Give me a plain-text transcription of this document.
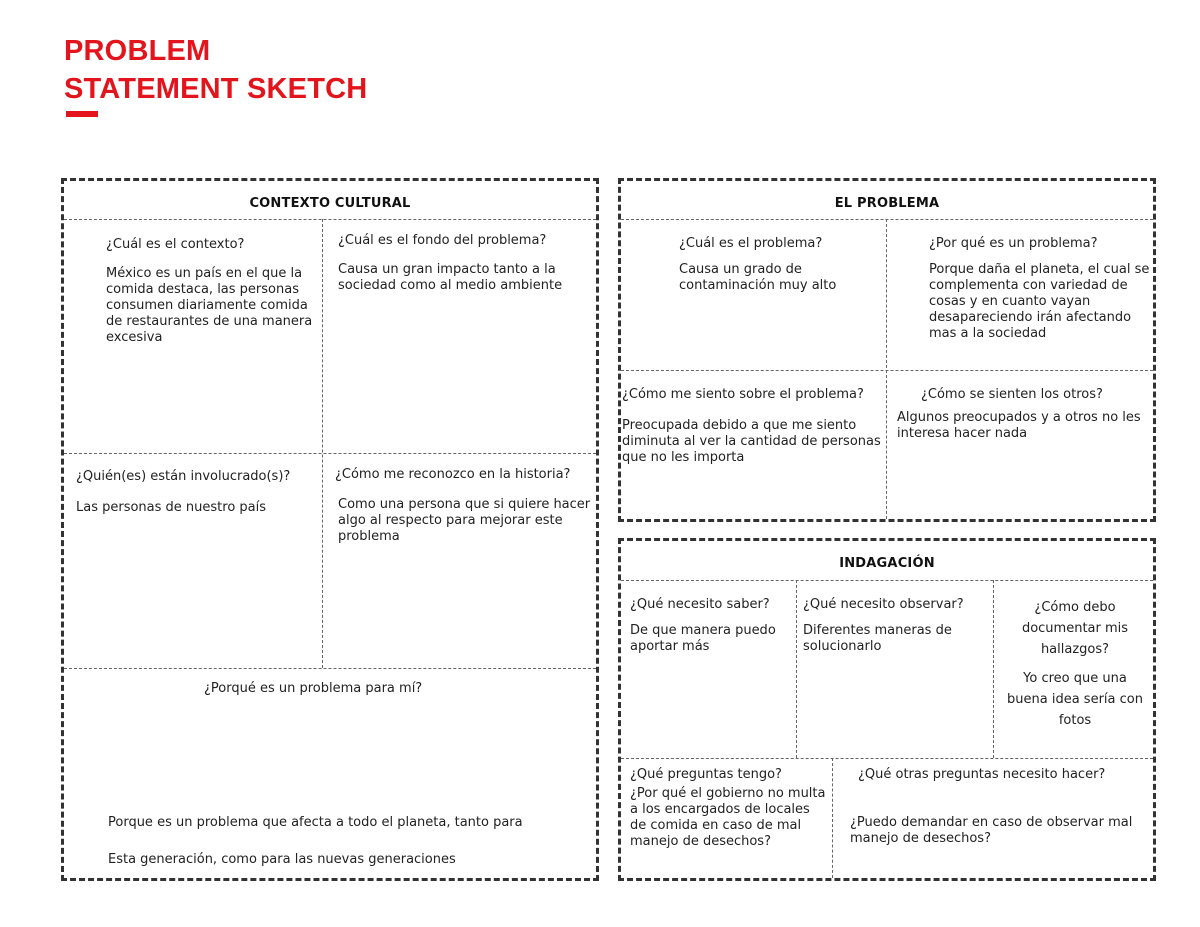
PROBLEM
STATEMENT SKETCH
CONTEXTO CULTURAL
¿Cuál es el contexto?
México es un país en el que la comida destaca, las personas consumen diariamente comida de restaurantes de una manera excesiva
¿Cuál es el fondo del problema?
Causa un gran impacto tanto a la sociedad como al medio ambiente
¿Quién(es) están involucrado(s)?
Las personas de nuestro país
¿Cómo me reconozco en la historia?
Como una persona que si quiere hacer algo al respecto para mejorar este problema
¿Porqué es un problema para mí?
Porque es un problema que afecta a todo el planeta, tanto para
Esta generación, como para las nuevas generaciones
EL PROBLEMA
¿Cuál es el problema?
Causa un grado de contaminación muy alto
¿Por qué es un problema?
Porque daña el planeta, el cual se complementa con variedad de cosas y en cuanto vayan desapareciendo irán afectando mas a la sociedad
¿Cómo me siento sobre el problema?
Preocupada debido a que me siento diminuta al ver la cantidad de personas que no les importa
¿Cómo se sienten los otros?
Algunos preocupados y a otros no les interesa hacer nada
INDAGACIÓN
¿Qué necesito saber?
De que manera puedo aportar más
¿Qué necesito observar?
Diferentes maneras de solucionarlo
¿Cómo debo documentar mis hallazgos?
Yo creo que una buena idea sería con fotos
¿Qué preguntas tengo?
¿Por qué el gobierno no multa a los encargados de locales de comida en caso de mal manejo de desechos?
¿Qué otras preguntas necesito hacer?
¿Puedo demandar en caso de observar mal manejo de desechos?
